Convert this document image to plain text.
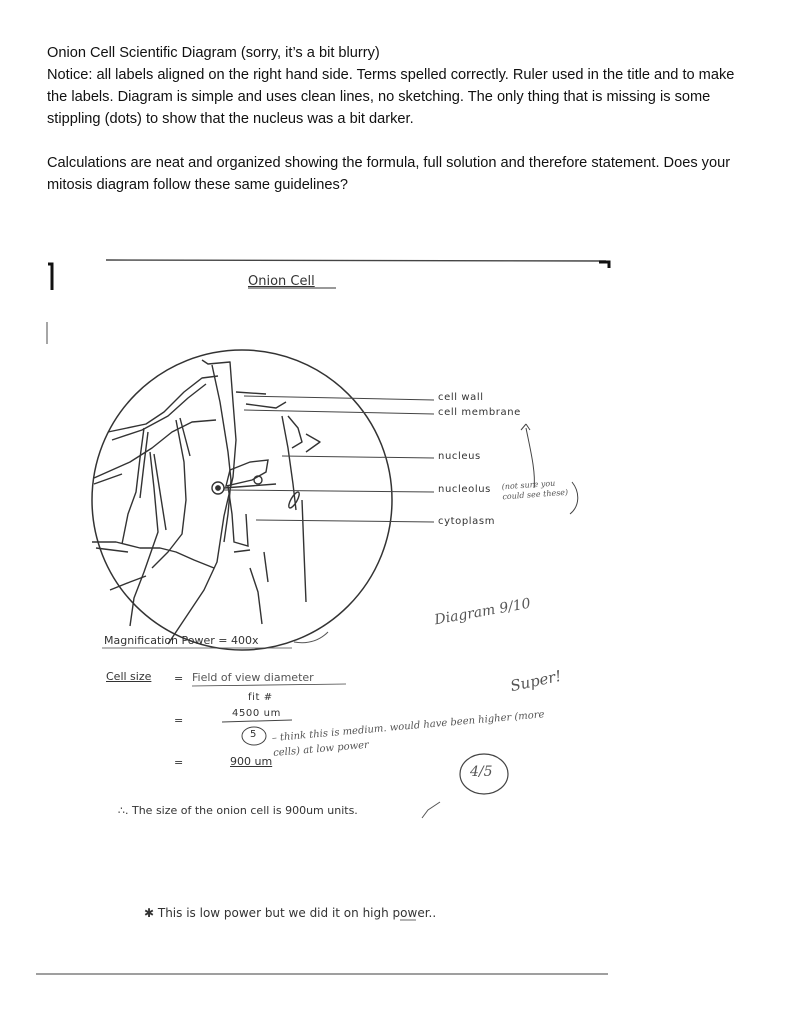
Onion Cell Scientific Diagram (sorry, it’s a bit blurry)

Notice: all labels aligned on the right hand side. Terms spelled correctly. Ruler used in the title and to make the labels. Diagram is simple and uses clean lines, no sketching. The only thing that is missing is some stippling (dots) to show that the nucleus was a bit darker.

Calculations are neat and organized showing the formula, full solution and therefore statement. Does your mitosis diagram follow these same guidelines?

Onion Cell
cell wall
cell membrane
nucleus
nucleolus
cytoplasm
(not sure you could see these)
Diagram 9/10
Magnification Power = 400x
Cell size = Field of view diameter
fit #
=
4500 um
5
=	900 um
– think this is medium. would have been higher (more cells) at low power
Super!
4/5
∴. The size of the onion cell is 900um units.
✱ This is low power but we did it on high power..
